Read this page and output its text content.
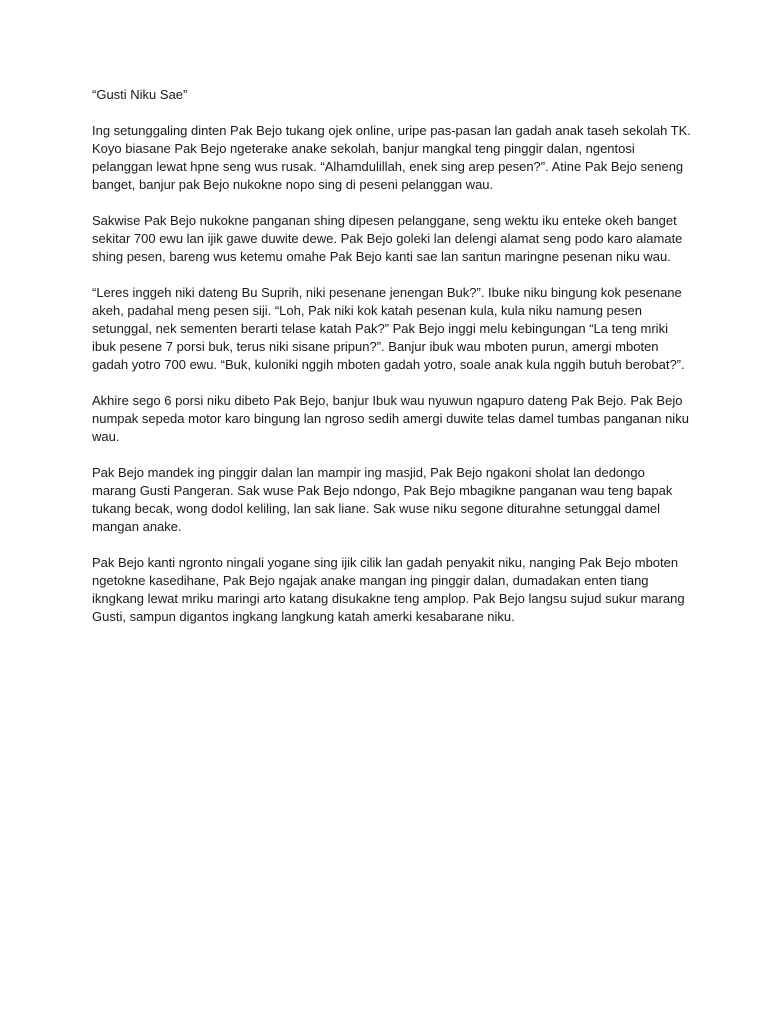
“Gusti Niku Sae”

Ing setunggaling dinten Pak Bejo tukang ojek online, uripe pas-pasan lan gadah anak taseh sekolah TK. Koyo biasane Pak Bejo ngeterake anake sekolah, banjur mangkal teng pinggir dalan, ngentosi pelanggan lewat hpne seng wus rusak. “Alhamdulillah, enek sing arep pesen?”. Atine Pak Bejo seneng banget, banjur pak Bejo nukokne nopo sing di peseni pelanggan wau.

Sakwise Pak Bejo nukokne panganan shing dipesen pelanggane, seng wektu iku enteke okeh banget sekitar 700 ewu lan ijik gawe duwite dewe. Pak Bejo goleki lan delengi alamat seng podo karo alamate shing pesen, bareng wus ketemu omahe Pak Bejo kanti sae lan santun maringne pesenan niku wau.

“Leres inggeh niki dateng Bu Suprih, niki pesenane jenengan Buk?”. Ibuke niku bingung kok pesenane akeh, padahal meng pesen siji. “Loh, Pak niki kok katah pesenan kula, kula niku namung pesen setunggal, nek sementen berarti telase katah Pak?” Pak Bejo inggi melu kebingungan “La teng mriki ibuk pesene 7 porsi buk, terus niki sisane pripun?”. Banjur ibuk wau mboten purun, amergi mboten gadah yotro 700 ewu. “Buk, kuloniki nggih mboten gadah yotro, soale anak kula nggih butuh berobat?”.

Akhire sego 6 porsi niku dibeto Pak Bejo, banjur Ibuk wau nyuwun ngapuro dateng Pak Bejo. Pak Bejo numpak sepeda motor karo bingung lan ngroso sedih amergi duwite telas damel tumbas panganan niku wau.

Pak Bejo mandek ing pinggir dalan lan mampir ing masjid, Pak Bejo ngakoni sholat lan dedongo marang Gusti Pangeran. Sak wuse Pak Bejo ndongo, Pak Bejo mbagikne panganan wau teng bapak tukang becak, wong dodol keliling, lan sak liane. Sak wuse niku segone diturahne setunggal damel mangan anake.

Pak Bejo kanti ngronto ningali yogane sing ijik cilik lan gadah penyakit niku, nanging Pak Bejo mboten ngetokne kasedihane, Pak Bejo ngajak anake mangan ing pinggir dalan, dumadakan enten tiang ikngkang lewat mriku maringi arto katang disukakne teng amplop. Pak Bejo langsu sujud sukur marang Gusti, sampun digantos ingkang langkung katah amerki kesabarane niku.
